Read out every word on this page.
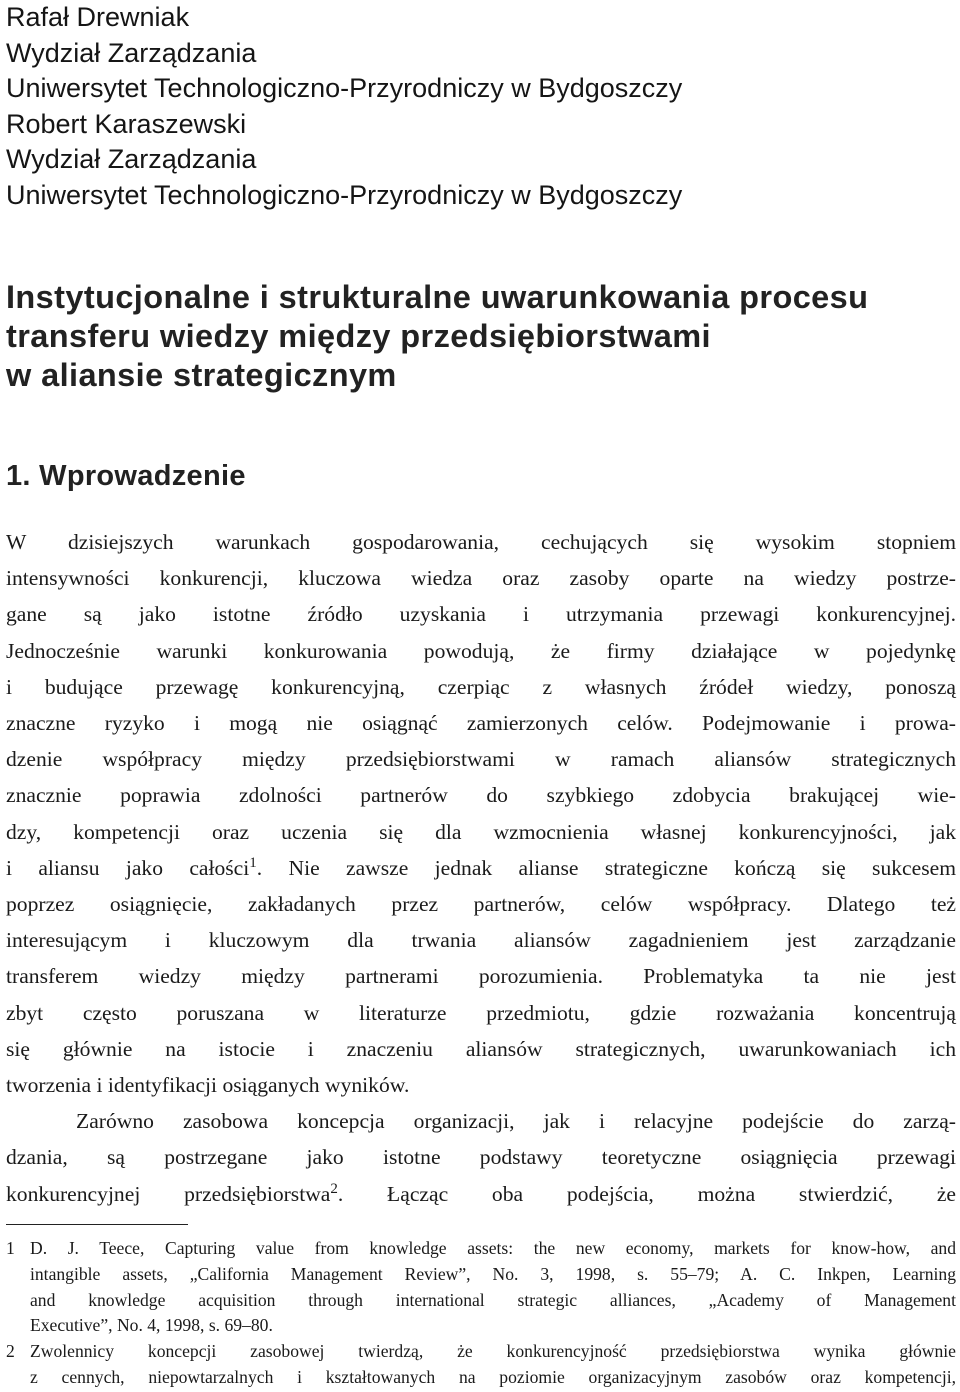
Rafał Drewniak
Wydział Zarządzania
Uniwersytet Technologiczno-Przyrodniczy w Bydgoszczy
Robert Karaszewski
Wydział Zarządzania
Uniwersytet Technologiczno-Przyrodniczy w Bydgoszczy
Instytucjonalne i strukturalne uwarunkowania procesu
transferu wiedzy między przedsiębiorstwami
w aliansie strategicznym
1. Wprowadzenie
W dzisiejszych warunkach gospodarowania, cechujących się wysokim stopniem
intensywności konkurencji, kluczowa wiedza oraz zasoby oparte na wiedzy postrze-
gane są jako istotne źródło uzyskania i utrzymania przewagi konkurencyjnej.
Jednocześnie warunki konkurowania powodują, że firmy działające w pojedynkę
i budujące przewagę konkurencyjną, czerpiąc z własnych źródeł wiedzy, ponoszą
znaczne ryzyko i mogą nie osiągnąć zamierzonych celów. Podejmowanie i prowa-
dzenie współpracy między przedsiębiorstwami w ramach aliansów strategicznych
znacznie poprawia zdolności partnerów do szybkiego zdobycia brakującej wie-
dzy, kompetencji oraz uczenia się dla wzmocnienia własnej konkurencyjności, jak
i aliansu jako całości$^1$. Nie zawsze jednak alianse strategiczne kończą się sukcesem
poprzez osiągnięcie, zakładanych przez partnerów, celów współpracy. Dlatego też
interesującym i kluczowym dla trwania aliansów zagadnieniem jest zarządzanie
transferem wiedzy między partnerami porozumienia. Problematyka ta nie jest
zbyt często poruszana w literaturze przedmiotu, gdzie rozważania koncentrują
się głównie na istocie i znaczeniu aliansów strategicznych, uwarunkowaniach ich
tworzenia i identyfikacji osiąganych wyników.
Zarówno zasobowa koncepcja organizacji, jak i relacyjne podejście do zarzą-
dzania, są postrzegane jako istotne podstawy teoretyczne osiągnięcia przewagi
konkurencyjnej przedsiębiorstwa$^2$. Łącząc oba podejścia, można stwierdzić, że
1 D. J. Teece, Capturing value from knowledge assets: the new economy, markets for know-how, and
intangible assets, „California Management Review”, No. 3, 1998, s. 55–79; A. C. Inkpen, Learning
and knowledge acquisition through international strategic alliances, „Academy of Management
Executive”, No. 4, 1998, s. 69–80.
2 Zwolennicy koncepcji zasobowej twierdzą, że konkurencyjność przedsiębiorstwa wynika głównie
z cennych, niepowtarzalnych i kształtowanych na poziomie organizacyjnym zasobów oraz kompetencji,
